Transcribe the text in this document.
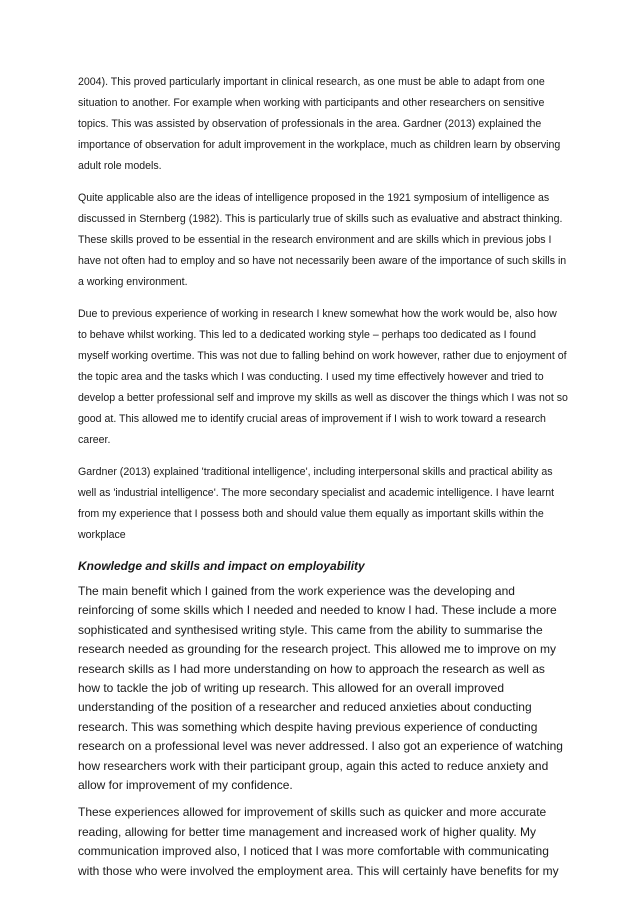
2004). This proved particularly important in clinical research, as one must be able to adapt from one situation to another. For example when working with participants and other researchers on sensitive topics. This was assisted by observation of professionals in the area. Gardner (2013) explained the importance of observation for adult improvement in the workplace, much as children learn by observing adult role models.

Quite applicable also are the ideas of intelligence proposed in the 1921 symposium of intelligence as discussed in Sternberg (1982). This is particularly true of skills such as evaluative and abstract thinking. These skills proved to be essential in the research environment and are skills which in previous jobs I have not often had to employ and so have not necessarily been aware of the importance of such skills in a working environment.

Due to previous experience of working in research I knew somewhat how the work would be, also how to behave whilst working. This led to a dedicated working style – perhaps too dedicated as I found myself working overtime. This was not due to falling behind on work however, rather due to enjoyment of the topic area and the tasks which I was conducting. I used my time effectively however and tried to develop a better professional self and improve my skills as well as discover the things which I was not so good at. This allowed me to identify crucial areas of improvement if I wish to work toward a research career.

Gardner (2013) explained 'traditional intelligence', including interpersonal skills and practical ability as well as 'industrial intelligence'. The more secondary specialist and academic intelligence. I have learnt from my experience that I possess both and should value them equally as important skills within the workplace

Knowledge and skills and impact on employability

The main benefit which I gained from the work experience was the developing and reinforcing of some skills which I needed and needed to know I had. These include a more sophisticated and synthesised writing style. This came from the ability to summarise the research needed as grounding for the research project. This allowed me to improve on my research skills as I had more understanding on how to approach the research as well as how to tackle the job of writing up research. This allowed for an overall improved understanding of the position of a researcher and reduced anxieties about conducting research. This was something which despite having previous experience of conducting research on a professional level was never addressed. I also got an experience of watching how researchers work with their participant group, again this acted to reduce anxiety and allow for improvement of my confidence.

These experiences allowed for improvement of skills such as quicker and more accurate reading, allowing for better time management and increased work of higher quality. My communication improved also, I noticed that I was more comfortable with communicating with those who were involved the employment area. This will certainly have benefits for my
